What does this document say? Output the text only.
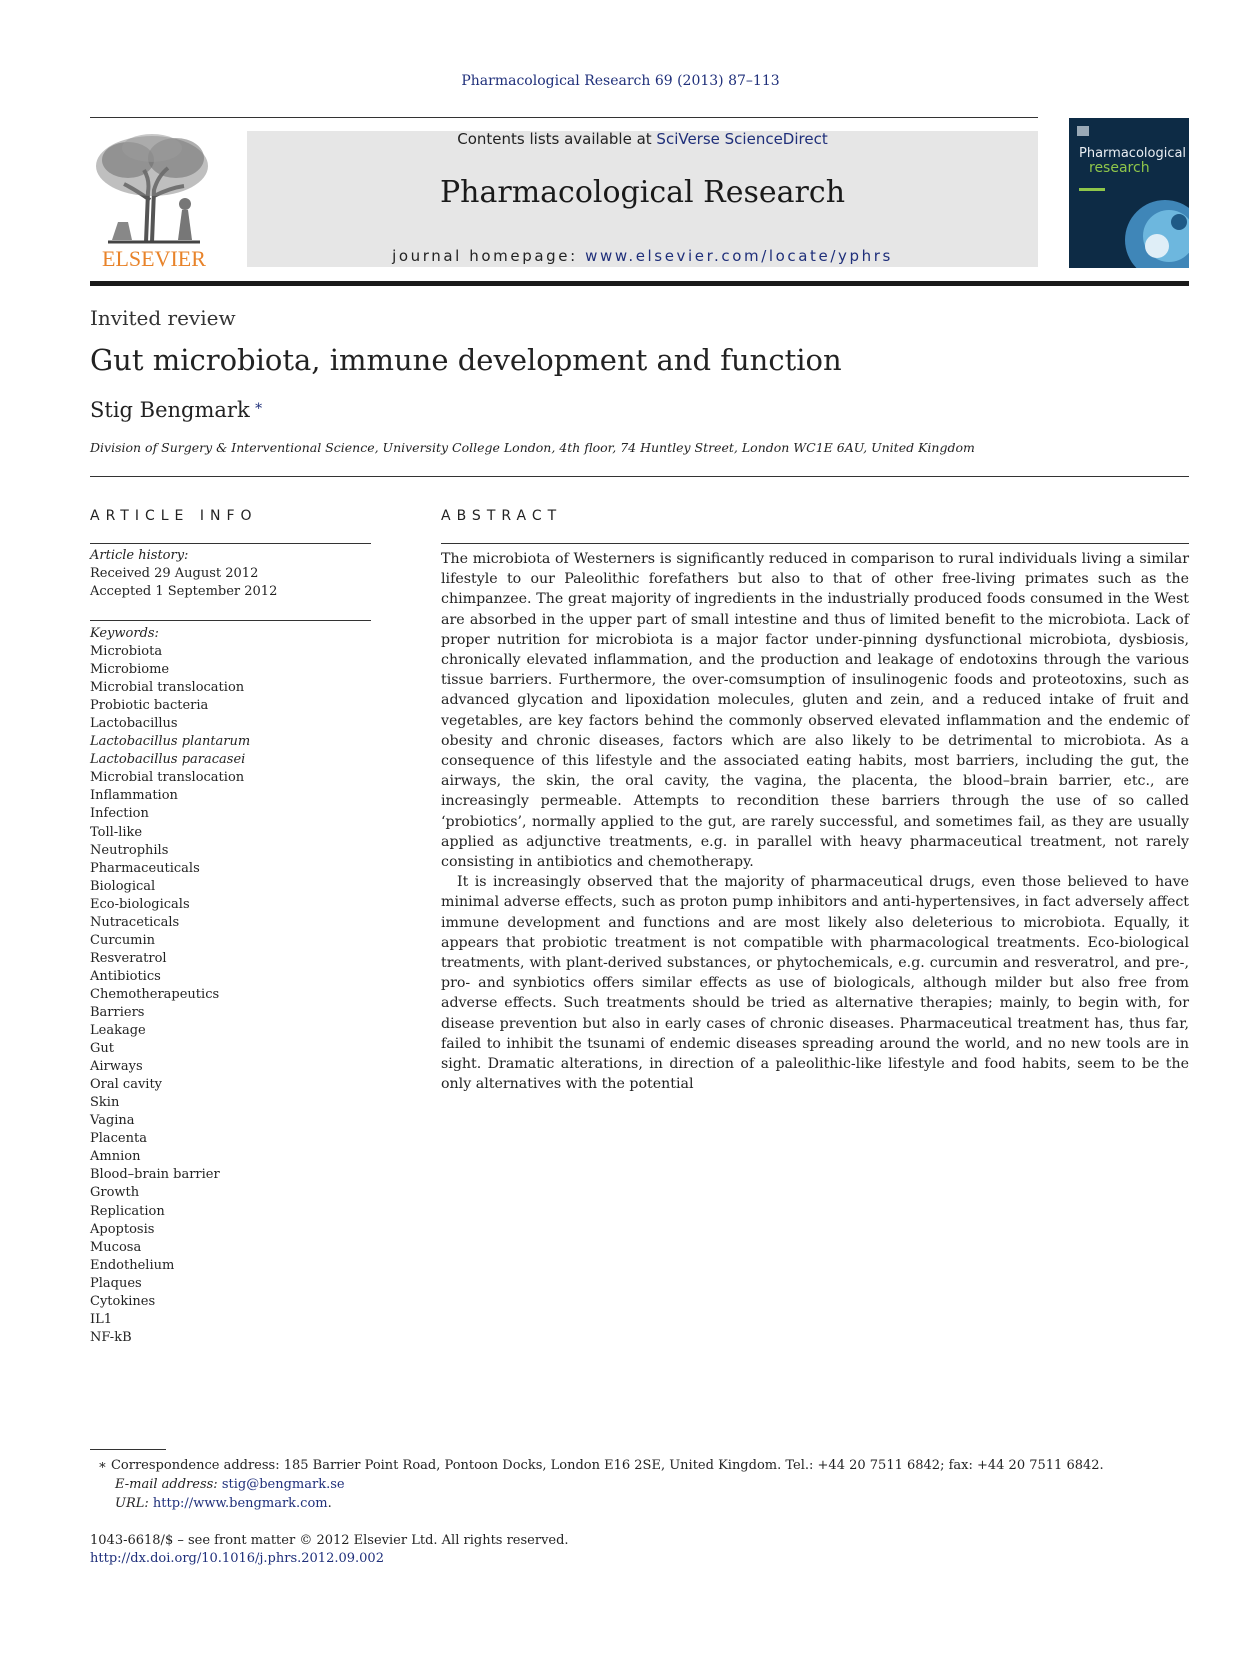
Pharmacological Research 69 (2013) 87–113
ELSEVIER
Contents lists available at SciVerse ScienceDirect
Pharmacological Research
journal homepage: www.elsevier.com/locate/yphrs
Pharmacological
research
Invited review
Gut microbiota, immune development and function
Stig Bengmark ∗
Division of Surgery & Interventional Science, University College London, 4th floor, 74 Huntley Street, London WC1E 6AU, United Kingdom
ARTICLE INFO
Article history:
Received 29 August 2012
Accepted 1 September 2012
Keywords:
Microbiota
Microbiome
Microbial translocation
Probiotic bacteria
Lactobacillus
Lactobacillus plantarum
Lactobacillus paracasei
Microbial translocation
Inflammation
Infection
Toll-like
Neutrophils
Pharmaceuticals
Biological
Eco-biologicals
Nutraceticals
Curcumin
Resveratrol
Antibiotics
Chemotherapeutics
Barriers
Leakage
Gut
Airways
Oral cavity
Skin
Vagina
Placenta
Amnion
Blood–brain barrier
Growth
Replication
Apoptosis
Mucosa
Endothelium
Plaques
Cytokines
IL1
NF-kB
ABSTRACT

The microbiota of Westerners is significantly reduced in comparison to rural individuals living a similar lifestyle to our Paleolithic forefathers but also to that of other free-living primates such as the chimpanzee. The great majority of ingredients in the industrially produced foods consumed in the West are absorbed in the upper part of small intestine and thus of limited benefit to the microbiota. Lack of proper nutrition for microbiota is a major factor under-pinning dysfunctional microbiota, dysbiosis, chronically elevated inflammation, and the production and leakage of endotoxins through the various tissue barriers. Furthermore, the over-comsumption of insulinogenic foods and proteotoxins, such as advanced glycation and lipoxidation molecules, gluten and zein, and a reduced intake of fruit and vegetables, are key factors behind the commonly observed elevated inflammation and the endemic of obesity and chronic diseases, factors which are also likely to be detrimental to microbiota. As a consequence of this lifestyle and the associated eating habits, most barriers, including the gut, the airways, the skin, the oral cavity, the vagina, the placenta, the blood–brain barrier, etc., are increasingly permeable. Attempts to recondition these barriers through the use of so called ‘probiotics’, normally applied to the gut, are rarely successful, and sometimes fail, as they are usually applied as adjunctive treatments, e.g. in parallel with heavy pharmaceutical treatment, not rarely consisting in antibiotics and chemotherapy.

It is increasingly observed that the majority of pharmaceutical drugs, even those believed to have minimal adverse effects, such as proton pump inhibitors and anti-hypertensives, in fact adversely affect immune development and functions and are most likely also deleterious to microbiota. Equally, it appears that probiotic treatment is not compatible with pharmacological treatments. Eco-biological treatments, with plant-derived substances, or phytochemicals, e.g. curcumin and resveratrol, and pre-, pro- and synbiotics offers similar effects as use of biologicals, although milder but also free from adverse effects. Such treatments should be tried as alternative therapies; mainly, to begin with, for disease prevention but also in early cases of chronic diseases. Pharmaceutical treatment has, thus far, failed to inhibit the tsunami of endemic diseases spreading around the world, and no new tools are in sight. Dramatic alterations, in direction of a paleolithic-like lifestyle and food habits, seem to be the only alternatives with the potential

∗ Correspondence address: 185 Barrier Point Road, Pontoon Docks, London E16 2SE, United Kingdom. Tel.: +44 20 7511 6842; fax: +44 20 7511 6842.
E-mail address: stig@bengmark.se
URL: http://www.bengmark.com.
1043-6618/$ – see front matter © 2012 Elsevier Ltd. All rights reserved.
http://dx.doi.org/10.1016/j.phrs.2012.09.002
